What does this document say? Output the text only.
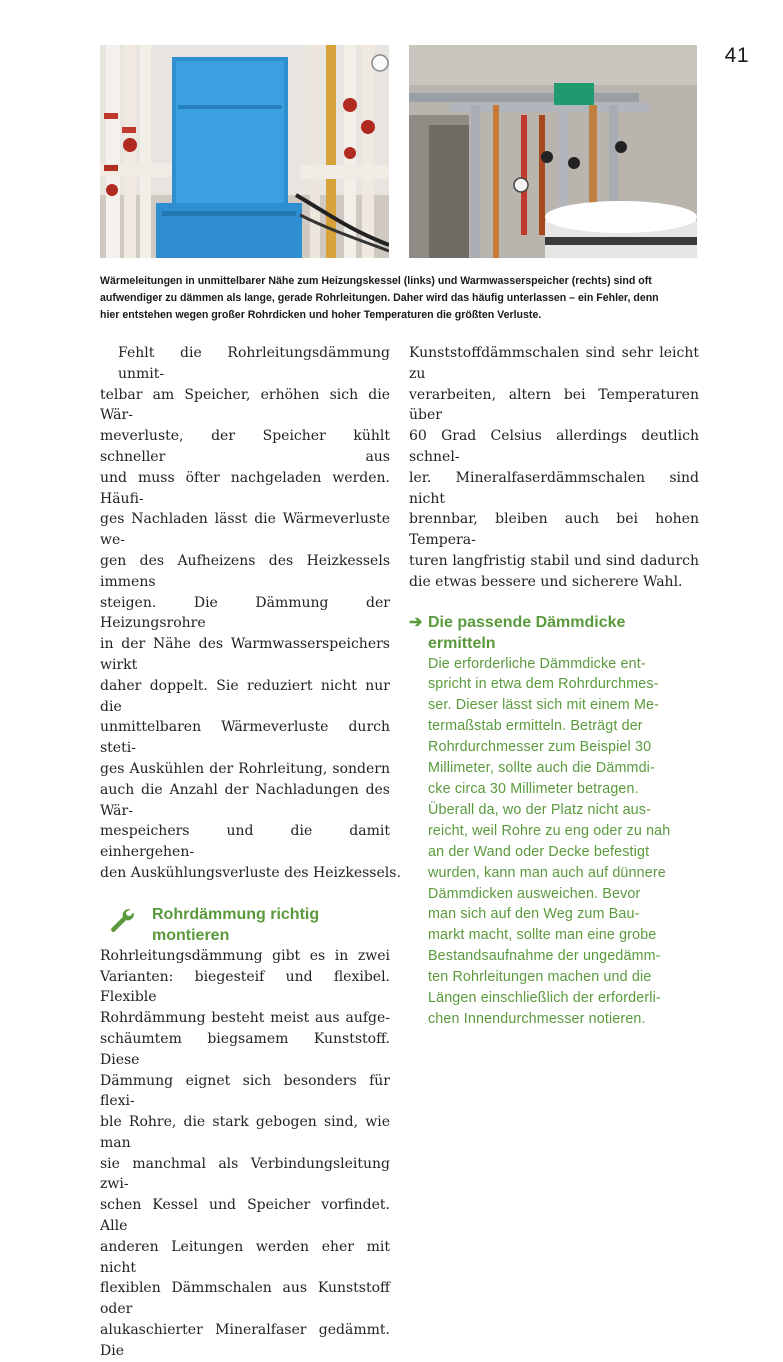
41

Wärmeleitungen in unmittelbarer Nähe zum Heizungskessel (links) und Warmwasserspeicher (rechts) sind oft

aufwendiger zu dämmen als lange, gerade Rohrleitungen. Daher wird das häufig unterlassen – ein Fehler, denn

hier entstehen wegen großer Rohrdicken und hoher Temperaturen die größten Verluste.

Fehlt die Rohrleitungsdämmung unmit-

telbar am Speicher, erhöhen sich die Wär-

meverluste, der Speicher kühlt schneller aus

und muss öfter nachgeladen werden. Häufi-

ges Nachladen lässt die Wärmeverluste we-

gen des Aufheizens des Heizkessels immens

steigen. Die Dämmung der Heizungsrohre

in der Nähe des Warmwasserspeichers wirkt

daher doppelt. Sie reduziert nicht nur die

unmittelbaren Wärmeverluste durch steti-

ges Auskühlen der Rohrleitung, sondern

auch die Anzahl der Nachladungen des Wär-

mespeichers und die damit einhergehen-

den Auskühlungsverluste des Heizkessels.

Rohrdämmung richtig
montieren

Rohrleitungsdämmung gibt es in zwei

Varianten: biegesteif und flexibel. Flexible

Rohrdämmung besteht meist aus aufge-

schäumtem biegsamem Kunststoff. Diese

Dämmung eignet sich besonders für flexi-

ble Rohre, die stark gebogen sind, wie man

sie manchmal als Verbindungsleitung zwi-

schen Kessel und Speicher vorfindet. Alle

anderen Leitungen werden eher mit nicht

flexiblen Dämmschalen aus Kunststoff oder

alukaschierter Mineralfaser gedämmt. Die

Kunststoffdämmschalen sind sehr leicht zu

verarbeiten, altern bei Temperaturen über

60 Grad Celsius allerdings deutlich schnel-

ler. Mineralfaserdämmschalen sind nicht

brennbar, bleiben auch bei hohen Tempera-

turen langfristig stabil und sind dadurch

die etwas bessere und sicherere Wahl.

➔ Die passende Dämmdicke
ermitteln

Die erforderliche Dämmdicke ent-

spricht in etwa dem Rohrdurchmes-

ser. Dieser lässt sich mit einem Me-

termaßstab ermitteln. Beträgt der

Rohrdurchmesser zum Beispiel 30

Millimeter, sollte auch die Dämmdi-

cke circa 30 Millimeter betragen.

Überall da, wo der Platz nicht aus-

reicht, weil Rohre zu eng oder zu nah

an der Wand oder Decke befestigt

wurden, kann man auch auf dünnere

Dämmdicken ausweichen. Bevor

man sich auf den Weg zum Bau-

markt macht, sollte man eine grobe

Bestandsaufnahme der ungedämm-

ten Rohrleitungen machen und die

Längen einschließlich der erforderli-

chen Innendurchmesser notieren.
